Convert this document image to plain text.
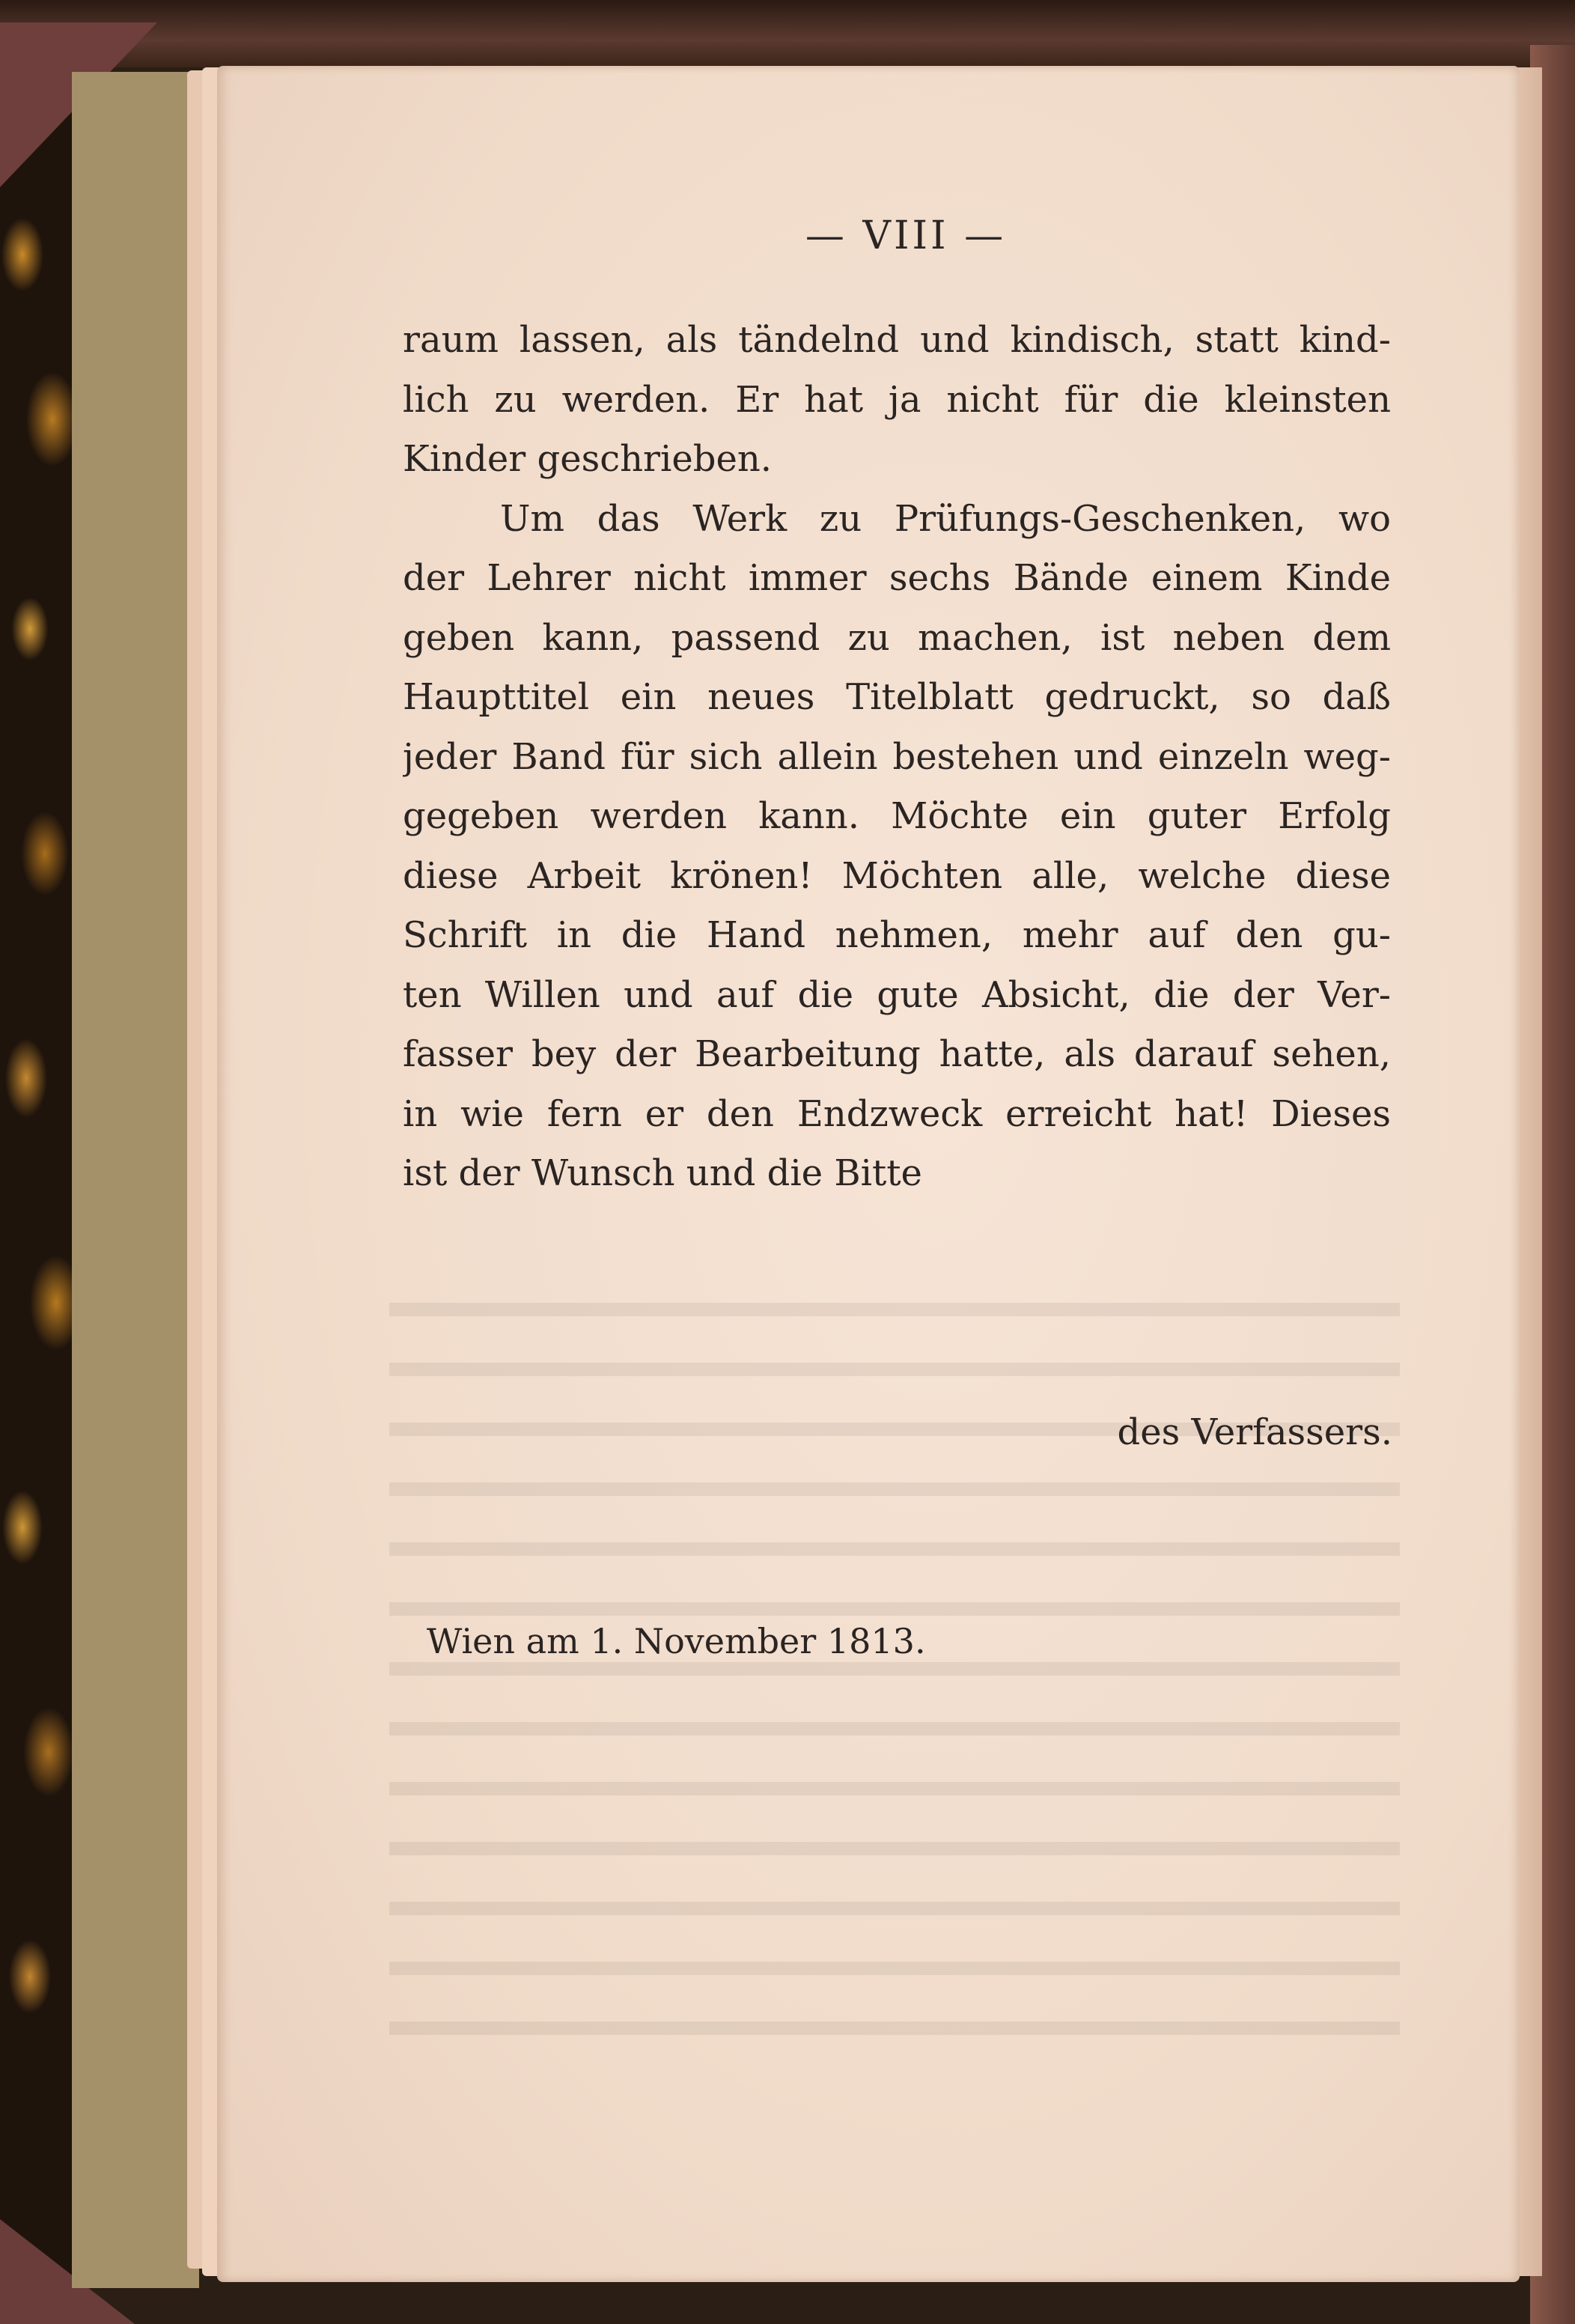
— VIII —
raum lassen, als tändelnd und kindisch, statt kind-
lich zu werden. Er hat ja nicht für die kleinsten
Kinder geschrieben.
Um das Werk zu Prüfungs-Geschenken, wo
der Lehrer nicht immer sechs Bände einem Kinde
geben kann, passend zu machen, ist neben dem
Haupttitel ein neues Titelblatt gedruckt, so daß
jeder Band für sich allein bestehen und einzeln weg-
gegeben werden kann. Möchte ein guter Erfolg
diese Arbeit krönen! Möchten alle, welche diese
Schrift in die Hand nehmen, mehr auf den gu-
ten Willen und auf die gute Absicht, die der Ver-
fasser bey der Bearbeitung hatte, als darauf sehen,
in wie fern er den Endzweck erreicht hat! Dieses
ist der Wunsch und die Bitte
des Verfassers.
Wien am 1. November 1813.
